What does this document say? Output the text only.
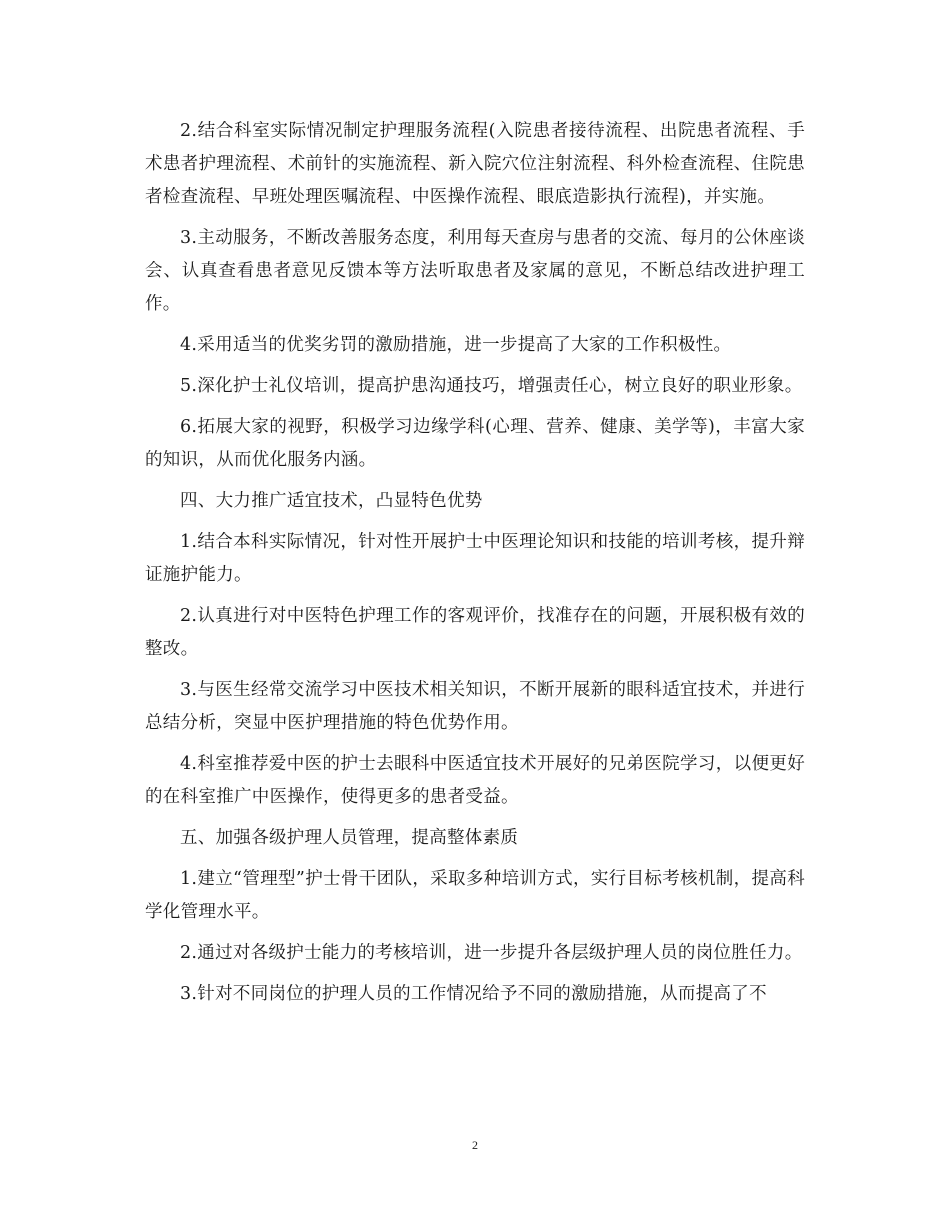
2.结合科室实际情况制定护理服务流程(入院患者接待流程、出院患者流程、手术患者护理流程、术前针的实施流程、新入院穴位注射流程、科外检查流程、住院患者检查流程、早班处理医嘱流程、中医操作流程、眼底造影执行流程)，并实施。

3.主动服务，不断改善服务态度，利用每天查房与患者的交流、每月的公休座谈会、认真查看患者意见反馈本等方法听取患者及家属的意见，不断总结改进护理工作。

4.采用适当的优奖劣罚的激励措施，进一步提高了大家的工作积极性。

5.深化护士礼仪培训，提高护患沟通技巧，增强责任心，树立良好的职业形象。

6.拓展大家的视野，积极学习边缘学科(心理、营养、健康、美学等)，丰富大家的知识，从而优化服务内涵。

四、大力推广适宜技术，凸显特色优势

1.结合本科实际情况，针对性开展护士中医理论知识和技能的培训考核，提升辩证施护能力。

2.认真进行对中医特色护理工作的客观评价，找准存在的问题，开展积极有效的整改。

3.与医生经常交流学习中医技术相关知识，不断开展新的眼科适宜技术，并进行总结分析，突显中医护理措施的特色优势作用。

4.科室推荐爱中医的护士去眼科中医适宜技术开展好的兄弟医院学习，以便更好的在科室推广中医操作，使得更多的患者受益。

五、加强各级护理人员管理，提高整体素质

1.建立“管理型”护士骨干团队，采取多种培训方式，实行目标考核机制，提高科学化管理水平。

2.通过对各级护士能力的考核培训，进一步提升各层级护理人员的岗位胜任力。

3.针对不同岗位的护理人员的工作情况给予不同的激励措施，从而提高了不

2
